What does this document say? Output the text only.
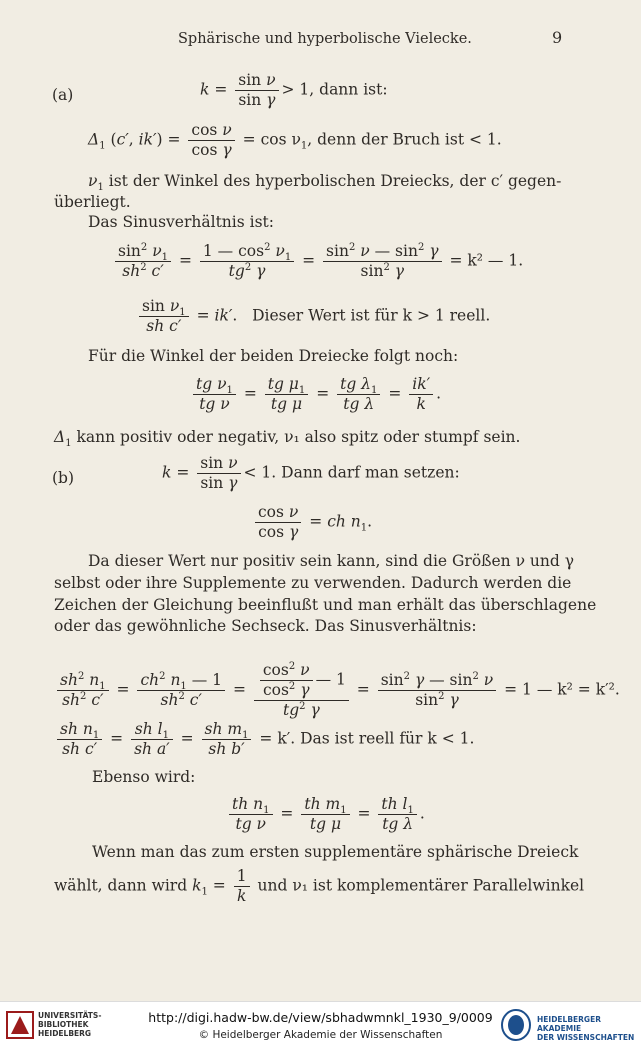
Sphärische und hyperbolische Vielecke.	9
(a)	$k = \frac{\text{sin ν}}{\text{sin γ}} > 1$, dann ist:
$\Delta_1$ (c′, $ik') = \frac{\text{cos ν}}{\text{cos γ}} = \cos \nu_1$, denn der Bruch ist < 1.
$\nu_1$ ist der Winkel des hyperbolischen Dreiecks, der c′ gegen-
überliegt.
Das Sinusverhältnis ist:
$\frac{\sin^2 \nu_1}{sh^2 c'} = \frac{1 — \cos^2 \nu_1}{tg^2 \gamma} = \frac{\sin^2 \nu — \sin^2 \gamma}{\sin^2 \gamma} = k^2$ — 1.
$\frac{\sin \nu_1}{\text{sh c′}} = ik'$.   Dieser Wert ist für k > 1 reell.
Für die Winkel der beiden Dreiecke folgt noch:
$\frac{tg \nu_1}{\text{tg ν}} = \frac{tg \mu_1}{\text{tg μ}} = \frac{tg \lambda_1}{\text{tg λ}} = \frac{ik'}{k}$ .
$\Delta_1$ kann positiv oder negativ, ν₁ also spitz oder stumpf sein.
(b)	$k = \frac{\text{sin ν}}{\text{sin γ}} < 1$. Dann darf man setzen:
$\frac{\text{cos ν}}{\text{cos γ}}$ = ch $n_1$.
Da dieser Wert nur positiv sein kann, sind die Größen ν und γ
selbst oder ihre Supplemente zu verwenden. Dadurch werden die
Zeichen der Gleichung beeinflußt und man erhält das überschlagene
oder das gewöhnliche Sechseck. Das Sinusverhältnis:
$\frac{sh^2 n_1}{sh^2 c'} = \frac{ch^2 n_1 — 1}{sh^2 c'} = \frac{\frac{\cos^2 \nu}{\cos^2 \gamma} — 1}{tg^2 \gamma} = \frac{\sin^2 \gamma — \sin^2 \nu}{\sin^2 \gamma} = 1$ — k² = k′².
$\frac{sh n_1}{\text{sh c′}} = \frac{sh l_1}{\text{sh a′}} = \frac{sh m_1}{\text{sh b′}} = k'$. Das ist reell für k < 1.
Ebenso wird:
$\frac{th n_1}{\text{tg ν}} = \frac{th m_1}{\text{tg μ}} = \frac{th l_1}{\text{tg λ}}$ .
Wenn man das zum ersten supplementäre sphärische Dreieck
wählt, dann wird $k_1 = \frac{1}{k}$ und ν₁ ist komplementärer Parallelwinkel
UNIVERSITÄTS-
BIBLIOTHEK
HEIDELBERG
http://digi.hadw-bw.de/view/sbhadwmnkl_1930_9/0009
© Heidelberger Akademie der Wissenschaften
HEIDELBERGER AKADEMIE
DER WISSENSCHAFTEN
